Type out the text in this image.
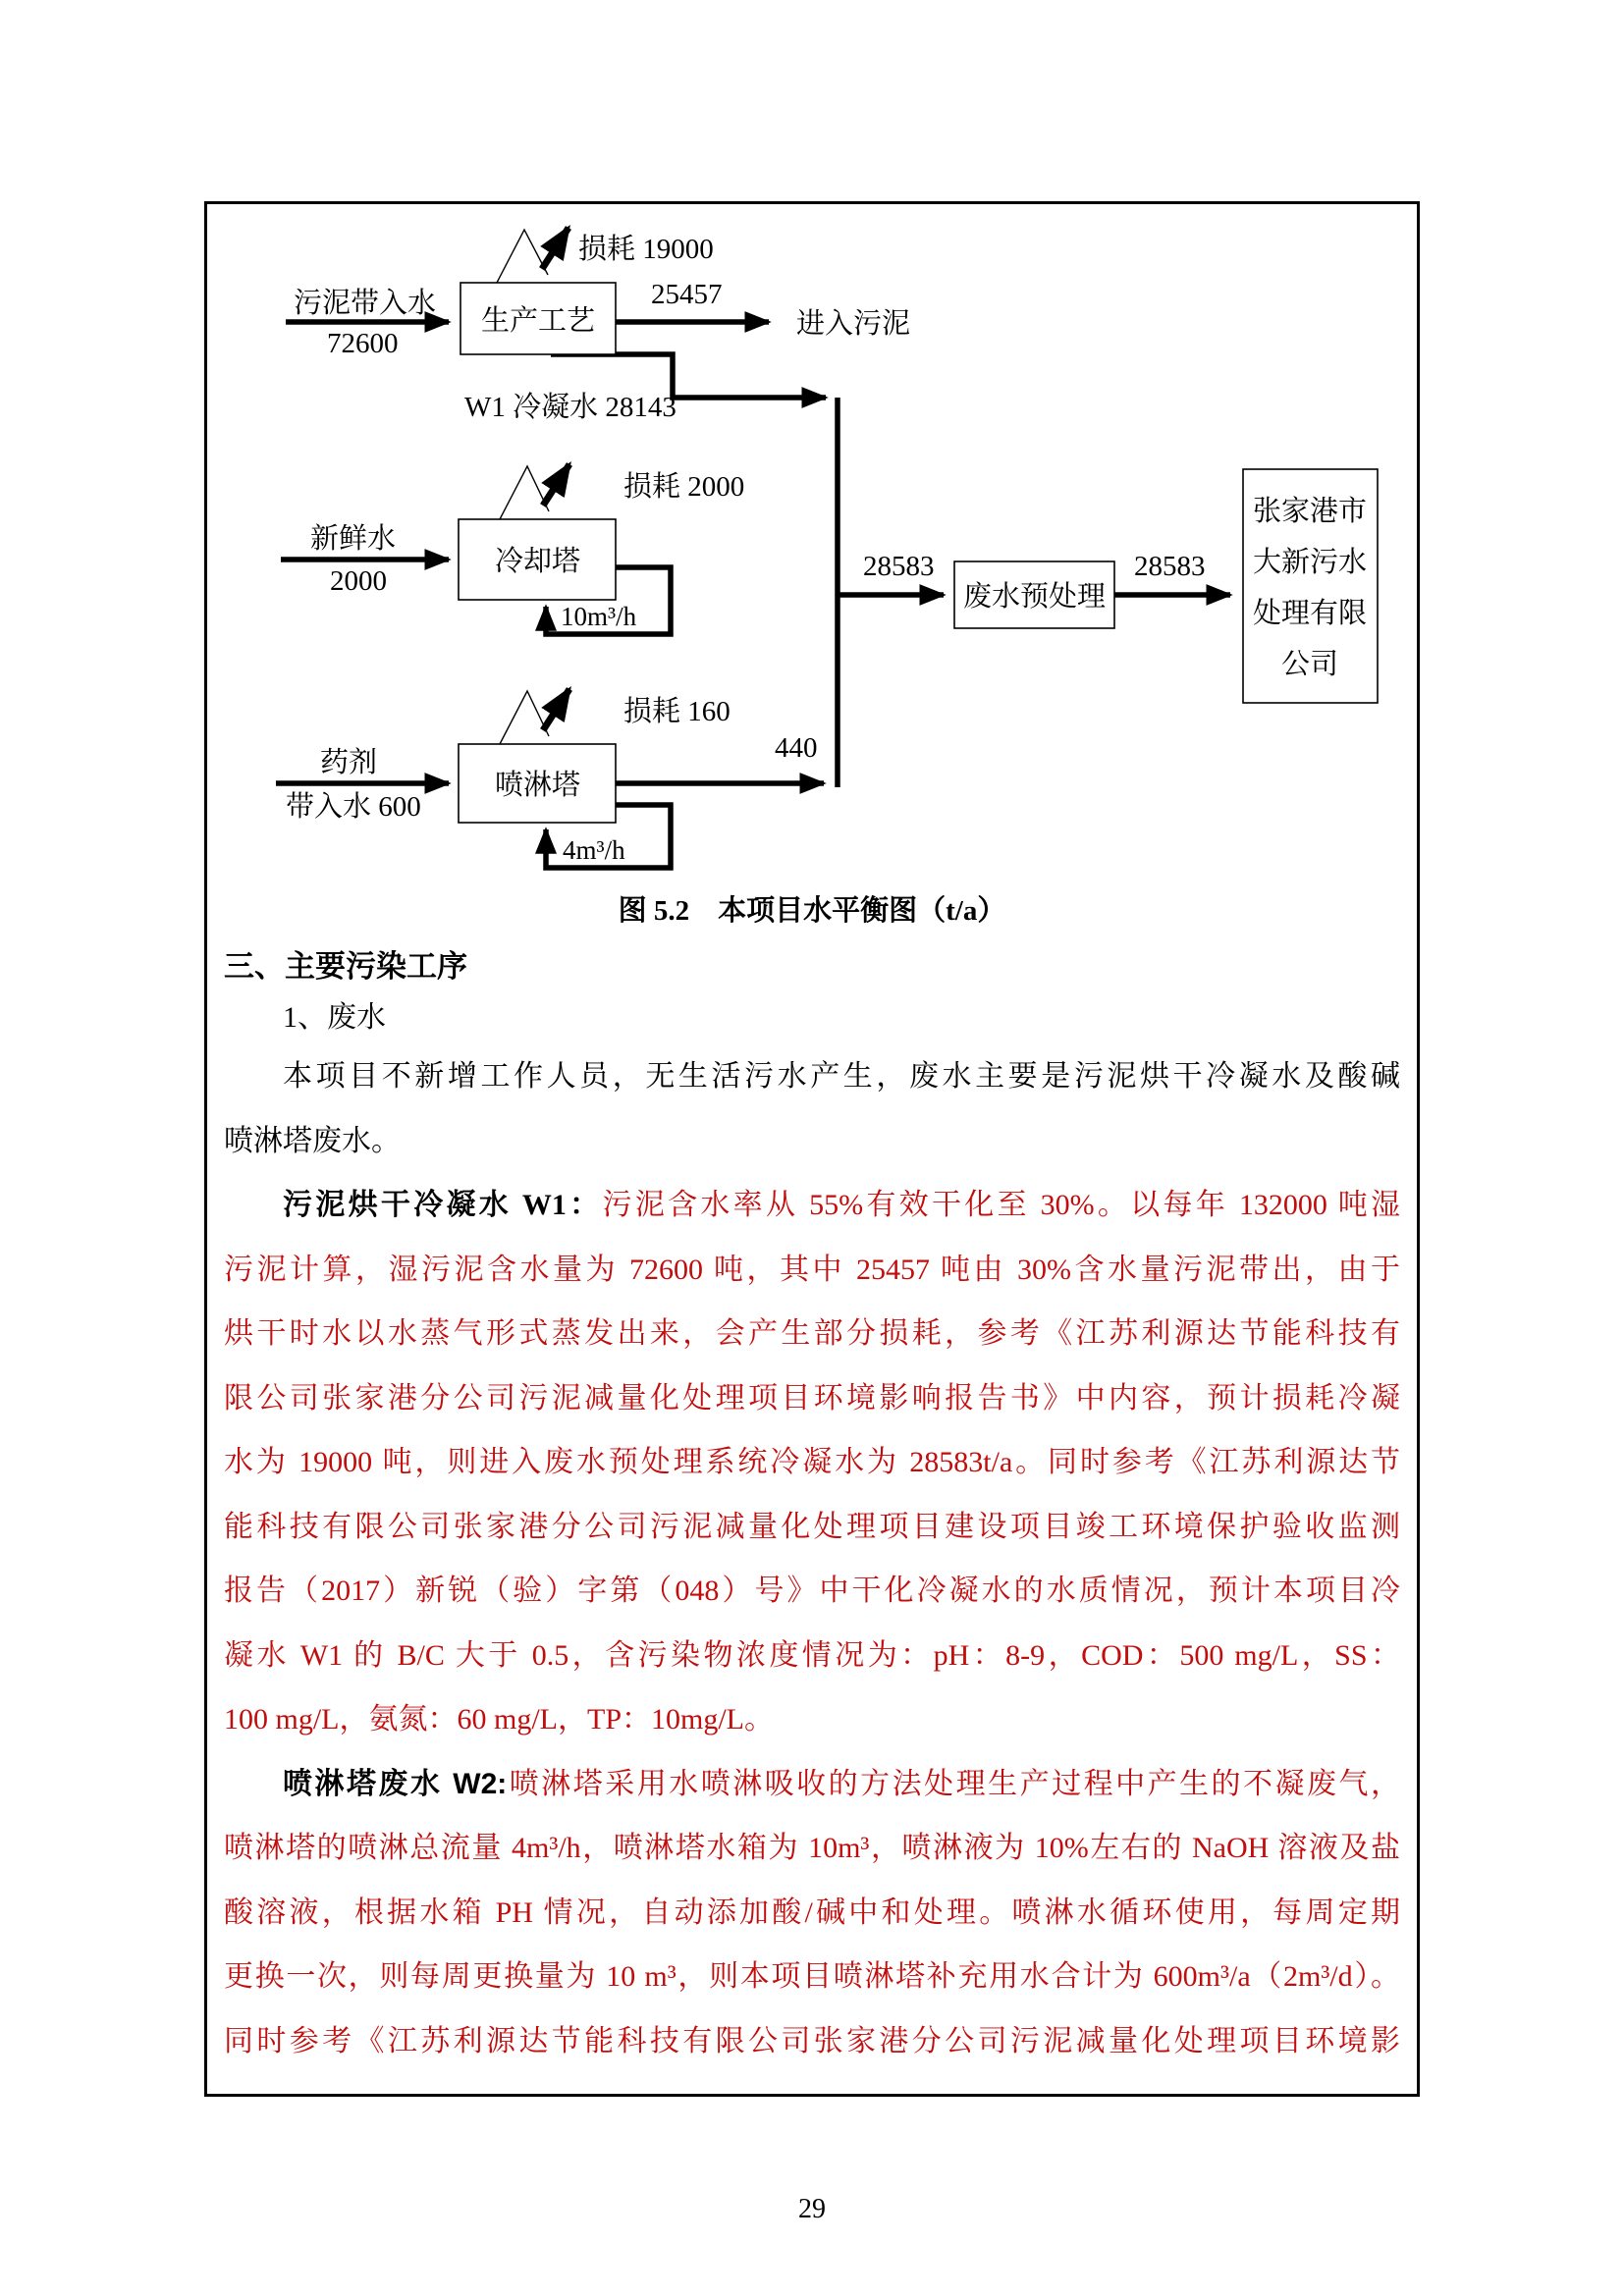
生产工艺
污泥带入水
72600
损耗 19000
25457
进入污泥
W1 冷凝水 28143
废水预处理
28583	28583
张家港市
大新污水
处理有限
公司
冷却塔
新鲜水
2000
损耗 2000
10m³/h
喷淋塔
药剂
带入水 600
损耗 160
440
4m³/h
图 5.2　本项目水平衡图（t/a）
三、主要污染工序
1、废水
本项目不新增工作人员，无生活污水产生，废水主要是污泥烘干冷凝水及酸碱
喷淋塔废水。
污泥烘干冷凝水 W1：污泥含水率从 55%有效干化至 30%。以每年 132000 吨湿
污泥计算，湿污泥含水量为 72600 吨，其中 25457 吨由 30%含水量污泥带出，由于
烘干时水以水蒸气形式蒸发出来，会产生部分损耗，参考《江苏利源达节能科技有
限公司张家港分公司污泥减量化处理项目环境影响报告书》中内容，预计损耗冷凝
水为 19000 吨，则进入废水预处理系统冷凝水为 28583t/a。同时参考《江苏利源达节
能科技有限公司张家港分公司污泥减量化处理项目建设项目竣工环境保护验收监测
报告（2017）新锐（验）字第（048）号》中干化冷凝水的水质情况，预计本项目冷
凝水 W1 的 B/C 大于 0.5，含污染物浓度情况为：pH：8-9，COD：500 mg/L，SS：
100 mg/L，氨氮：60 mg/L，TP：10mg/L。
喷淋塔废水 W2:喷淋塔采用水喷淋吸收的方法处理生产过程中产生的不凝废气，
喷淋塔的喷淋总流量 4m³/h，喷淋塔水箱为 10m³，喷淋液为 10%左右的 NaOH 溶液及盐
酸溶液，根据水箱 PH 情况，自动添加酸/碱中和处理。喷淋水循环使用，每周定期
更换一次，则每周更换量为 10 m³，则本项目喷淋塔补充用水合计为 600m³/a（2m³/d）。
同时参考《江苏利源达节能科技有限公司张家港分公司污泥减量化处理项目环境影
29
